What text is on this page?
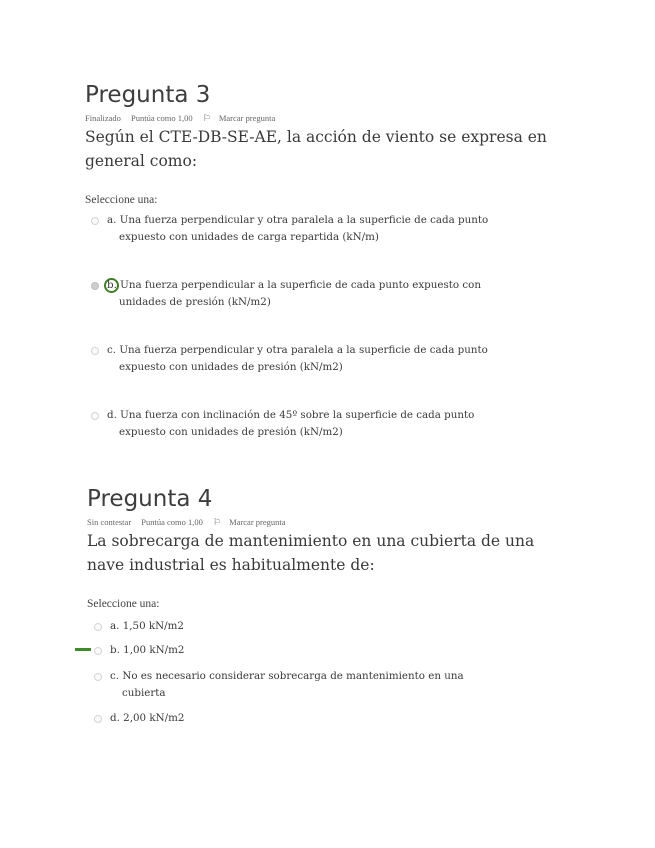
Pregunta 3
Finalizado Puntúa como 1,00 ⚐ Marcar pregunta
Según el CTE-DB-SE-AE, la acción de viento se expresa en
general como:
Seleccione una:
a. Una fuerza perpendicular y otra paralela a la superficie de cada punto
expuesto con unidades de carga repartida (kN/m)
b. Una fuerza perpendicular a la superficie de cada punto expuesto con
unidades de presión (kN/m2)
c. Una fuerza perpendicular y otra paralela a la superficie de cada punto
expuesto con unidades de presión (kN/m2)
d. Una fuerza con inclinación de 45º sobre la superficie de cada punto
expuesto con unidades de presión (kN/m2)
Pregunta 4
Sin contestar Puntúa como 1,00 ⚐ Marcar pregunta
La sobrecarga de mantenimiento en una cubierta de una
nave industrial es habitualmente de:
Seleccione una:
a. 1,50 kN/m2
b. 1,00 kN/m2
c. No es necesario considerar sobrecarga de mantenimiento en una
cubierta
d. 2,00 kN/m2
